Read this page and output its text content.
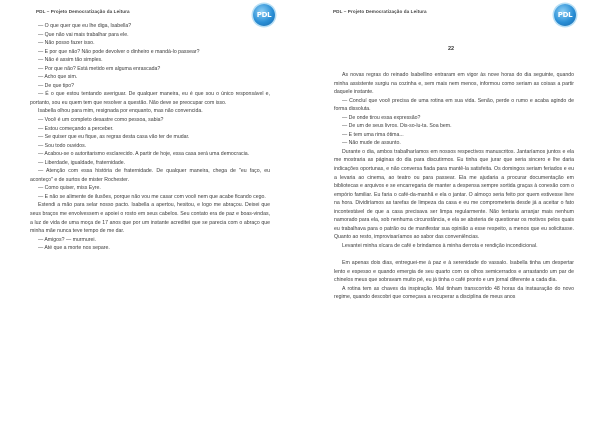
PDL – Projeto Democratização da Leitura	PDL

— O que quer que eu lhe diga, Isabella?

— Que não vai mais trabalhar para ele.

— Não posso fazer isso.

— E por que não? Não pode devolver o dinheiro e mandá-lo passear?

— Não é assim tão simples.

— Por que não? Está metido em alguma enrascada?

— Acho que sim.

— De que tipo?

— É o que estou tentando averiguar. De qualquer maneira, eu é que sou o único responsável e, portanto, sou eu quem tem que resolver a questão. Não deve se preocupar com isso.

Isabella olhou para mim, resignada por enquanto, mas não convencida.

— Você é um completo desastre como pessoa, sabia?

— Estou começando a perceber.

— Se quiser que eu fique, as regras desta casa vão ter de mudar.

— Sou todo ouvidos.

— Acabou-se o autoritarismo esclarecido. A partir de hoje, essa casa será uma democracia.

— Liberdade, igualdade, fraternidade.

— Atenção com essa história de fraternidade. De qualquer maneira, chega de "eu faço, eu aconteço" e de surtos de mister Rochester.

— Como quiser, miss Eyre.

— E não se alimente de ilusões, porque não vou me casar com você nem que acabe ficando cego.

Estendi a mão para selar nosso pacto. Isabella a apertou, hesitou, e logo me abraçou. Deixei que seus braços me envolvessem e apoiei o rosto em seus cabelos. Seu contato era de paz e boas-vindas, a luz de vida de uma moça de 17 anos que por um instante acreditei que se parecia com o abraço que minha mãe nunca teve tempo de me dar.

— Amigos? — murmurei.

— Até que a morte nos separe.

PDL – Projeto Democratização da Leitura	PDL
22

As novas regras do reinado Isabellino entraram em vigor às nove horas do dia seguinte, quando minha assistente surgiu na cozinha e, sem mais nem menos, informou como seriam as coisas a partir daquele instante.

— Concluí que você precisa de uma rotina em sua vida. Senão, perde o rumo e acaba agindo de forma dissoluta.

— De onde tirou essa expressão?

— De um de seus livros. Dis-so-lu-ta. Soa bem.

— E tem uma rima ótima...

— Não mude de assunto.

Durante o dia, ambos trabalharíamos em nossos respectivos manuscritos. Jantaríamos juntos e ela me mostraria as páginas do dia para discutirmos. Eu tinha que jurar que seria sincero e lhe daria indicações oportunas, e não conversa fiada para mantê-la satisfeita. Os domingos seriam feriados e eu a levaria ao cinema, ao teatro ou para passear. Ela me ajudaria a procurar documentação em bibliotecas e arquivos e se encarregaria de manter a despensa sempre sortida graças à conexão com o empório familiar. Eu faria o café-da-manhã e ela o jantar. O almoço seria feito por quem estivesse livre na hora. Dividiríamos as tarefas de limpeza da casa e eu me comprometeria desde já a aceitar o fato incontestável de que a casa precisava ser limpa regularmente. Não tentaria arranjar mais nenhum namorado para ela, sob nenhuma circunstância, e ela se absteria de questionar os motivos pelos quais eu trabalhava para o patrão ou de manifestar sua opinião a esse respeito, a menos que eu solicitasse. Quanto ao resto, improvisaríamos ao sabor das conveniências.

Levantei minha xícara de café e brindamos à minha derrota e rendição incondicional.

Em apenas dois dias, entreguei-me à paz e à serenidade do vassalo. Isabella tinha um despertar lento e espesso e quando emergia de seu quarto com os olhos semicerrados e arrastando um par de chinelos meus que sobravam muito pé, eu já tinha o café pronto e um jornal diferente a cada dia.

A rotina tem as chaves da inspiração. Mal tinham transcorrido 48 horas da instauração do novo regime, quando descobri que começava a recuperar a disciplina de meus anos
